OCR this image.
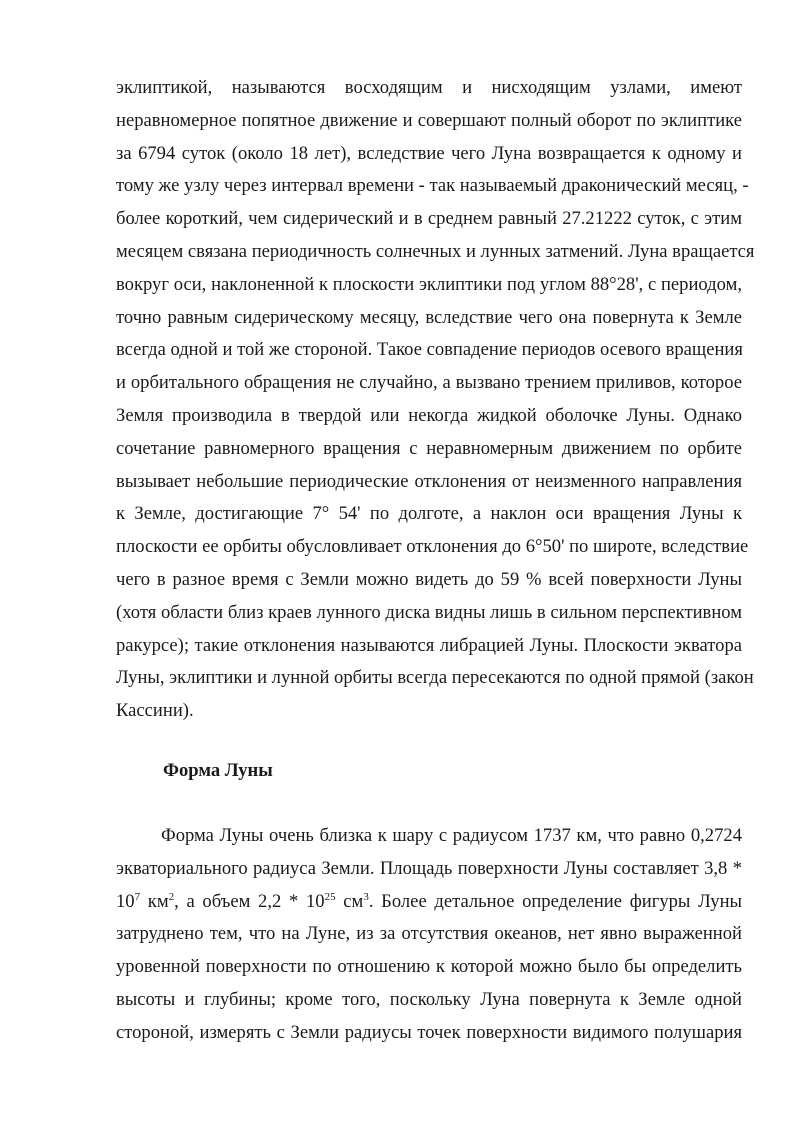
эклиптикой, называются восходящим и нисходящим узлами, имеют
неравномерное попятное движение и совершают полный оборот по эклиптике
за 6794 суток (около 18 лет), вследствие чего Луна возвращается к одному и
тому же узлу через интервал времени - так называемый драконический месяц, -
более короткий, чем сидерический и в среднем равный 27.21222 суток, с этим
месяцем связана периодичность солнечных и лунных затмений. Луна вращается
вокруг оси, наклоненной к плоскости эклиптики под углом 88°28', с периодом,
точно равным сидерическому месяцу, вследствие чего она повернута к Земле
всегда одной и той же стороной. Такое совпадение периодов осевого вращения
и орбитального обращения не случайно, а вызвано трением приливов, которое
Земля производила в твердой или некогда жидкой оболочке Луны. Однако
сочетание равномерного вращения с неравномерным движением по орбите
вызывает небольшие периодические отклонения от неизменного направления
к Земле, достигающие 7° 54' по долготе, а наклон оси вращения Луны к
плоскости ее орбиты обусловливает отклонения до 6°50' по широте, вследствие
чего в разное время с Земли можно видеть до 59 % всей поверхности Луны
(хотя области близ краев лунного диска видны лишь в сильном перспективном
ракурсе); такие отклонения называются либрацией Луны. Плоскости экватора
Луны, эклиптики и лунной орбиты всегда пересекаются по одной прямой (закон
Кассини).
Форма Луны
Форма Луны очень близка к шару с радиусом 1737 км, что равно 0,2724
экваториального радиуса Земли. Площадь поверхности Луны составляет 3,8 *
$10^7$ $км^2$, а объем $2,2 * 10^{25}$ $см^3$. Более детальное определение фигуры Луны
затруднено тем, что на Луне, из за отсутствия океанов, нет явно выраженной
уровенной поверхности по отношению к которой можно было бы определить
высоты и глубины; кроме того, поскольку Луна повернута к Земле одной
стороной, измерять с Земли радиусы точек поверхности видимого полушария
